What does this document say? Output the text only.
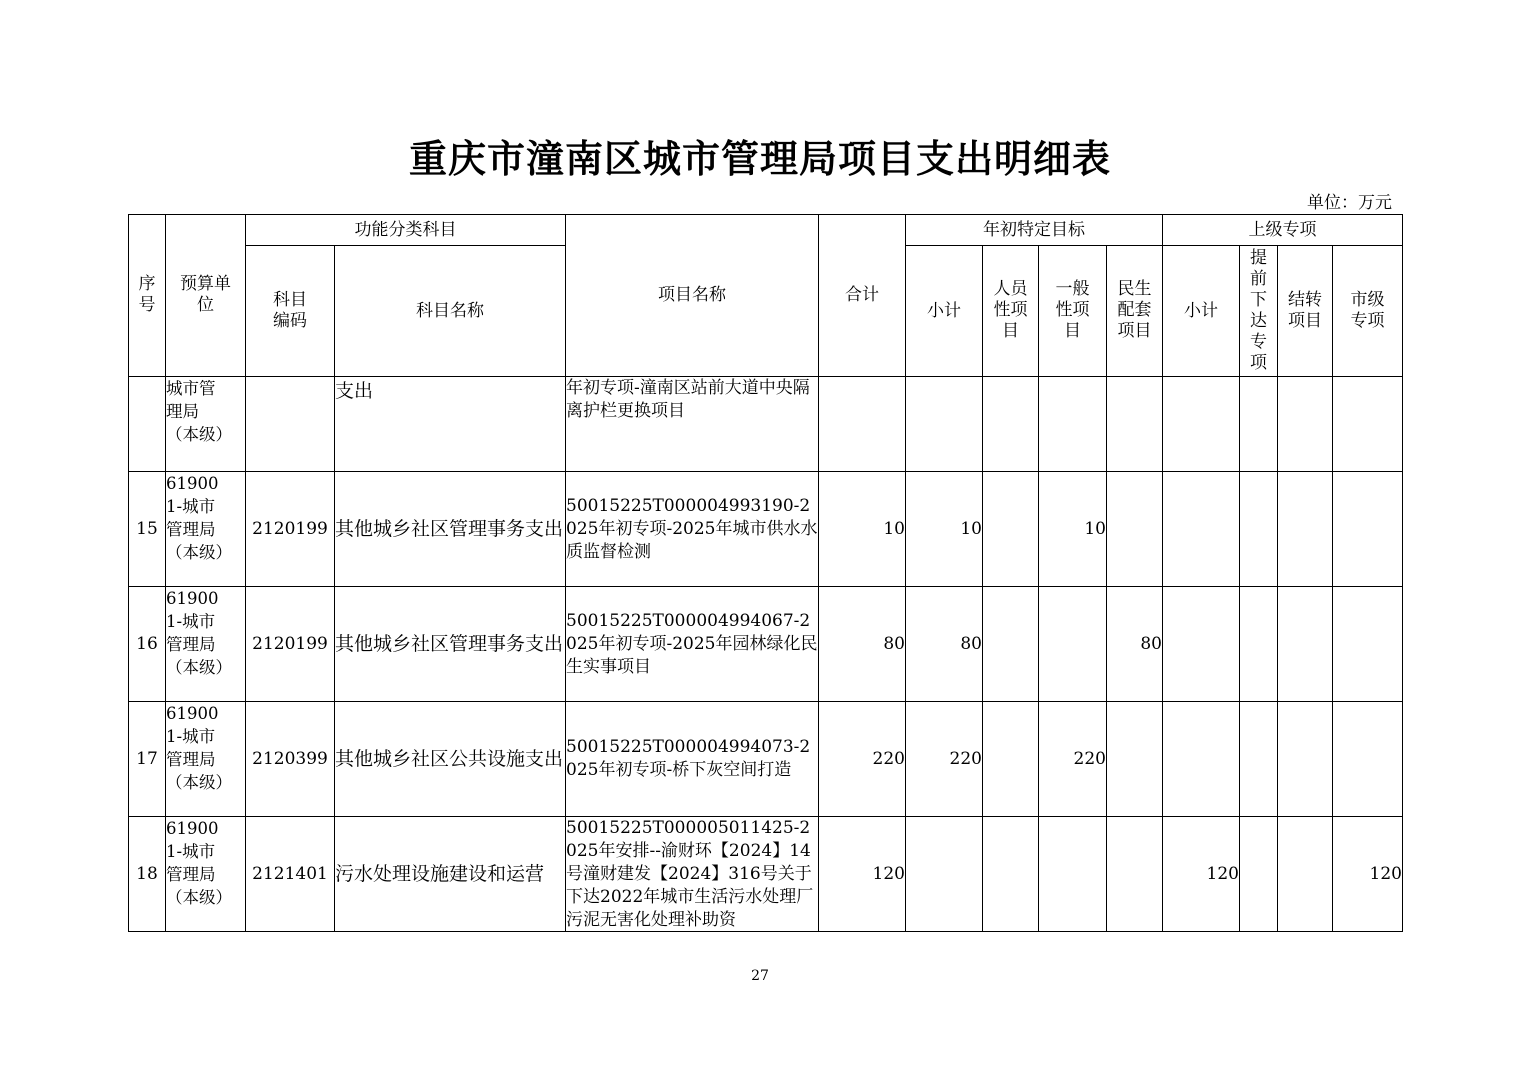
重庆市潼南区城市管理局项目支出明细表
单位：万元
序号	预算单位	功能分类科目		项目名称	合计	年初特定目标				上级专项			
		科目编码	科目名称			小计	人员性项目	一般性项目	民生配套项目	小计	提前下达专项	结转项目	市级专项

	城市管理局（本级）		支出	年初专项-潼南区站前大道中央隔离护栏更换项目									
15	619001-城市管理局（本级）	2120199	其他城乡社区管理事务支出	50015225T000004993190-2025年初专项-2025年城市供水水质监督检测	10	10		10					
16	619001-城市管理局（本级）	2120199	其他城乡社区管理事务支出	50015225T000004994067-2025年初专项-2025年园林绿化民生实事项目	80	80			80				
17	619001-城市管理局（本级）	2120399	其他城乡社区公共设施支出	50015225T000004994073-2025年初专项-桥下灰空间打造	220	220		220					
18	619001-城市管理局（本级）	2121401	污水处理设施建设和运营	50015225T000005011425-2025年安排--渝财环【2024】14号潼财建发【2024】316号关于下达2022年城市生活污水处理厂污泥无害化处理补助资	120					120			120
27
